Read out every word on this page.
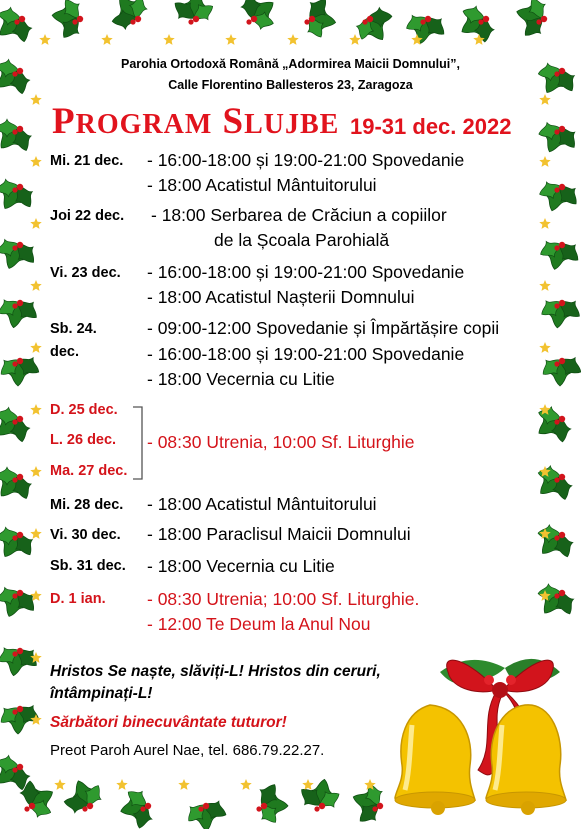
Parohia Ortodoxă Română „Adormirea Maicii Domnului”,
Calle Florentino Ballesteros 23, Zaragoza
PROGRAM SLUJBE 19-31 dec. 2022
Mi. 21 dec. - 16:00-18:00 și 19:00-21:00 Spovedanie
- 18:00 Acatistul Mântuitorului
Joi 22 dec. - 18:00 Serbarea de Crăciun a copiilor
de la Școala Parohială
Vi. 23 dec. - 16:00-18:00 și 19:00-21:00 Spovedanie
- 18:00 Acatistul Nașterii Domnului
Sb. 24.
dec.
- 09:00-12:00 Spovedanie și Împărtășire copii
- 16:00-18:00 și 19:00-21:00 Spovedanie
- 18:00 Vecernia cu Litie
D. 25 dec.
L. 26 dec.
Ma. 27 dec.
- 08:30 Utrenia, 10:00 Sf. Liturghie
Mi. 28 dec. - 18:00 Acatistul Mântuitorului
Vi. 30 dec. - 18:00 Paraclisul Maicii Domnului
Sb. 31 dec. - 18:00 Vecernia cu Litie
D. 1 ian. - 08:30 Utrenia; 10:00 Sf. Liturghie.
- 12:00 Te Deum la Anul Nou
Hristos Se naște, slăviți-L! Hristos din ceruri,
întâmpinați-L!
Sărbători binecuvântate tuturor!
Preot Paroh Aurel Nae, tel. 686.79.22.27.
